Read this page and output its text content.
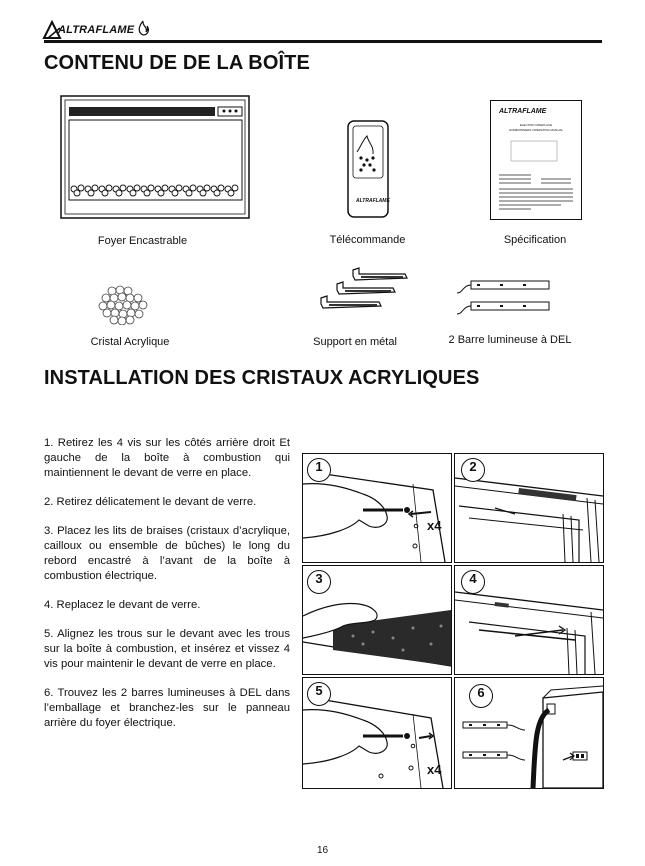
ALTRAFLAME
CONTENU DE DE LA BOÎTE
Foyer Encastrable
ALTRAFLAME
Télécommande
ALTRAFLAME
ELECTRIC FIREPLACE
HOMEOWNERS OPERATING MANUAL
Spécification
Cristal Acrylique	Support en métal	2 Barre lumineuse à DEL
INSTALLATION DES CRISTAUX ACRYLIQUES

1. Retirez les 4 vis sur les côtés arrière droit Et gauche de la boîte à combustion qui maintiennent le devant de verre en place.

2. Retirez délicatement le devant de verre.

3. Placez les lits de braises (cristaux d’acrylique, cailloux ou ensemble de bûches) le long du rebord encastré à l’avant de la boîte à combustion électrique.

4. Replacez le devant de verre.

5. Alignez les trous sur le devant avec les trous sur la boîte à combustion, et insérez et vissez 4 vis pour maintenir le devant de verre en place.

6. Trouvez les 2 barres lumineuses à DEL dans l’emballage et branchez-les sur le panneau arrière du foyer électrique.

1
x4
2
3	4
5
x4
6
16
